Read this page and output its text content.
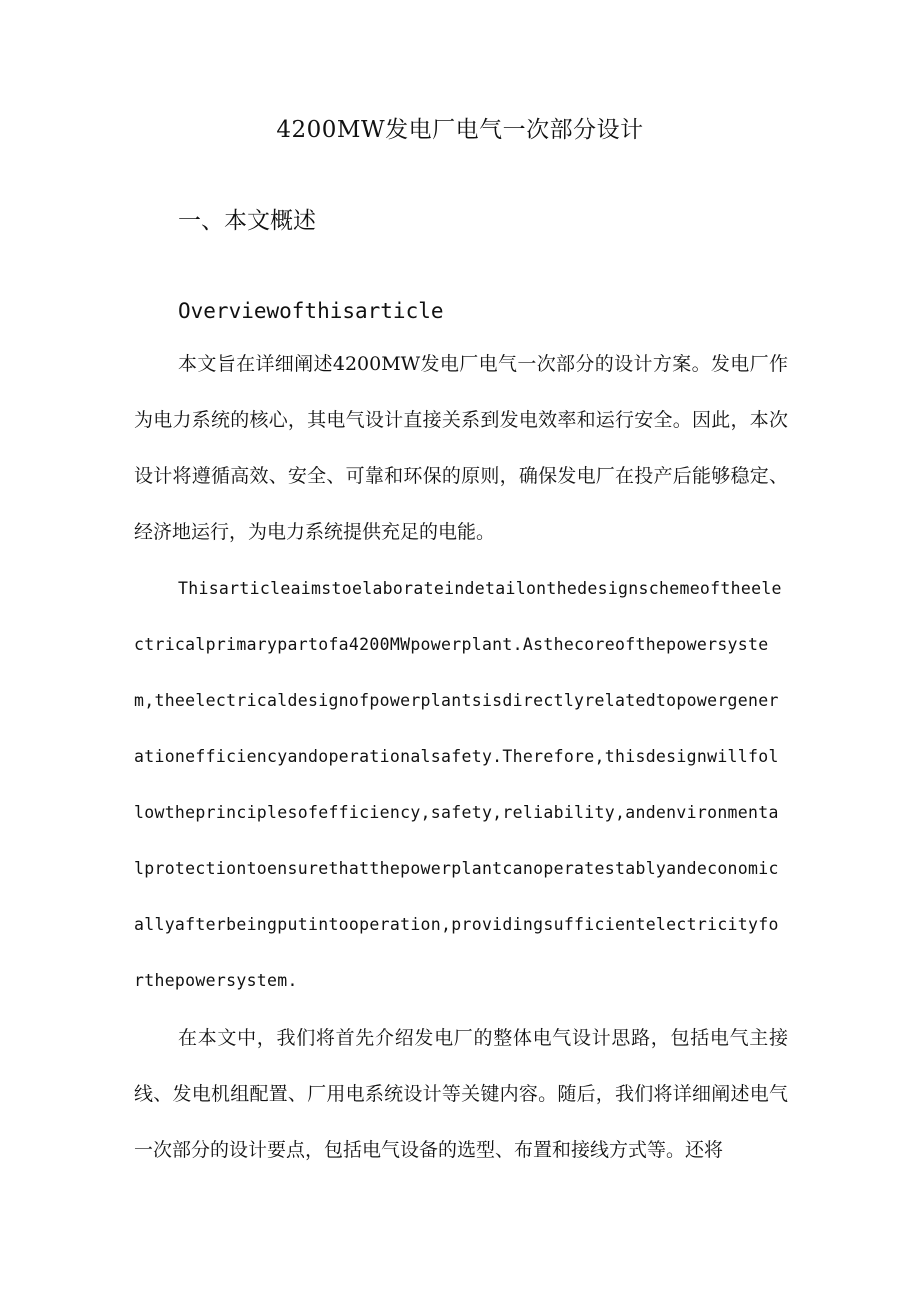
4200MW发电厂电气一次部分设计
一、本文概述
Overviewofthisarticle

本文旨在详细阐述4200MW发电厂电气一次部分的设计方案。发电厂作为电力系统的核心，其电气设计直接关系到发电效率和运行安全。因此，本次设计将遵循高效、安全、可靠和环保的原则，确保发电厂在投产后能够稳定、经济地运行，为电力系统提供充足的电能。

Thisarticleaimstoelaborateindetailonthedesignschemeoftheelectricalprimarypartofa4200MWpowerplant.Asthecoreofthepowersystem,theelectricaldesignofpowerplantsisdirectlyrelatedtopowergenerationefficiencyandoperationalsafety.Therefore,thisdesignwillfollowtheprinciplesofefficiency,safety,reliability,andenvironmentalprotectiontoensurethatthepowerplantcanoperatestablyandeconomicallyafterbeingputintooperation,providingsufficientelectricityforthepowersystem.

在本文中，我们将首先介绍发电厂的整体电气设计思路，包括电气主接线、发电机组配置、厂用电系统设计等关键内容。随后，我们将详细阐述电气一次部分的设计要点，包括电气设备的选型、布置和接线方式等。还将
